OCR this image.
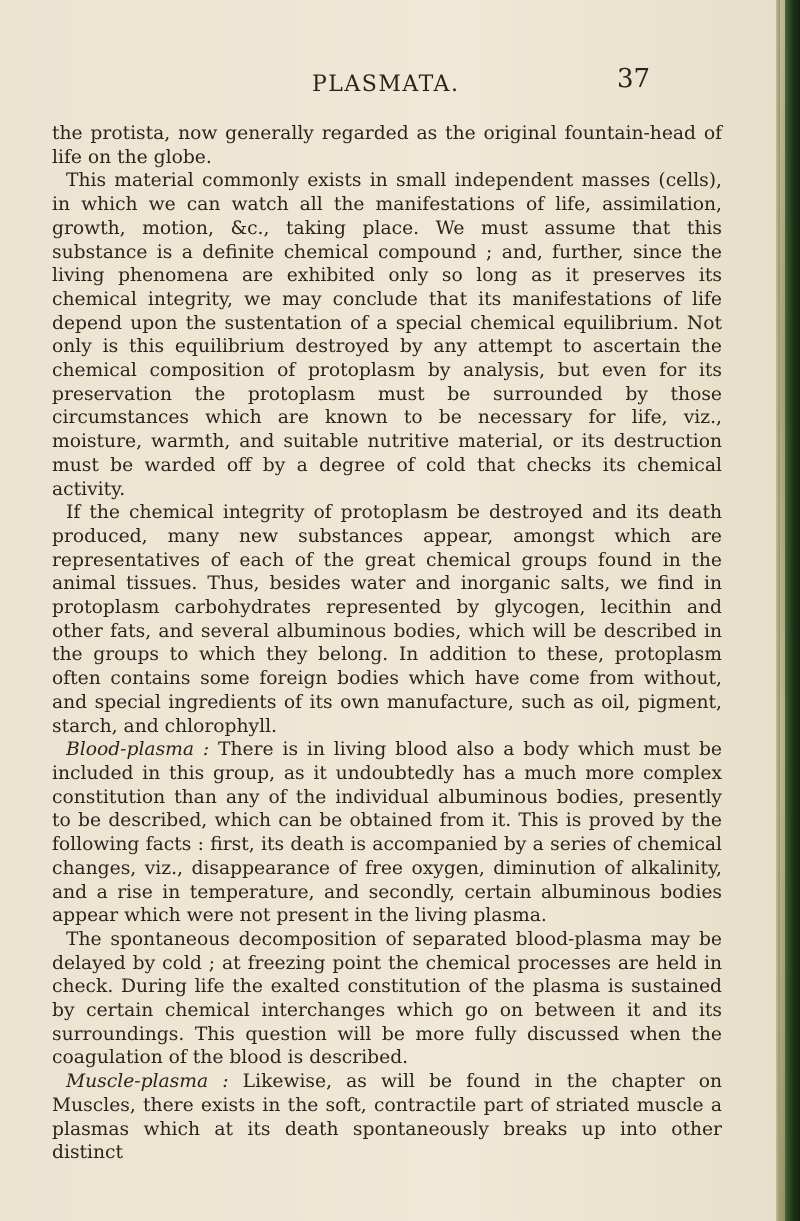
PLASMATA.	37

the protista, now generally regarded as the original fountain-head of life on the globe.

This material commonly exists in small independent masses (cells), in which we can watch all the manifestations of life, assimilation, growth, motion, &c., taking place. We must assume that this substance is a definite chemical compound ; and, further, since the living phenomena are exhibited only so long as it preserves its chemical integrity, we may conclude that its manifestations of life depend upon the sustentation of a special chemical equilibrium. Not only is this equilibrium destroyed by any attempt to ascertain the chemical composition of protoplasm by analysis, but even for its preservation the protoplasm must be surrounded by those circumstances which are known to be necessary for life, viz., moisture, warmth, and suitable nutritive material, or its destruction must be warded off by a degree of cold that checks its chemical activity.

If the chemical integrity of protoplasm be destroyed and its death produced, many new substances appear, amongst which are representatives of each of the great chemical groups found in the animal tissues. Thus, besides water and inorganic salts, we find in protoplasm carbohydrates represented by glycogen, lecithin and other fats, and several albuminous bodies, which will be described in the groups to which they belong. In addition to these, protoplasm often contains some foreign bodies which have come from without, and special ingredients of its own manufacture, such as oil, pigment, starch, and chlorophyll.

Blood-plasma : There is in living blood also a body which must be included in this group, as it undoubtedly has a much more complex constitution than any of the individual albuminous bodies, presently to be described, which can be obtained from it. This is proved by the following facts : first, its death is accompanied by a series of chemical changes, viz., disappearance of free oxygen, diminution of alkalinity, and a rise in temperature, and secondly, certain albuminous bodies appear which were not present in the living plasma.

The spontaneous decomposition of separated blood-plasma may be delayed by cold ; at freezing point the chemical processes are held in check. During life the exalted constitution of the plasma is sustained by certain chemical interchanges which go on between it and its surroundings. This question will be more fully discussed when the coagulation of the blood is described.

Muscle-plasma : Likewise, as will be found in the chapter on Muscles, there exists in the soft, contractile part of striated muscle a plasmas which at its death spontaneously breaks up into other distinct
